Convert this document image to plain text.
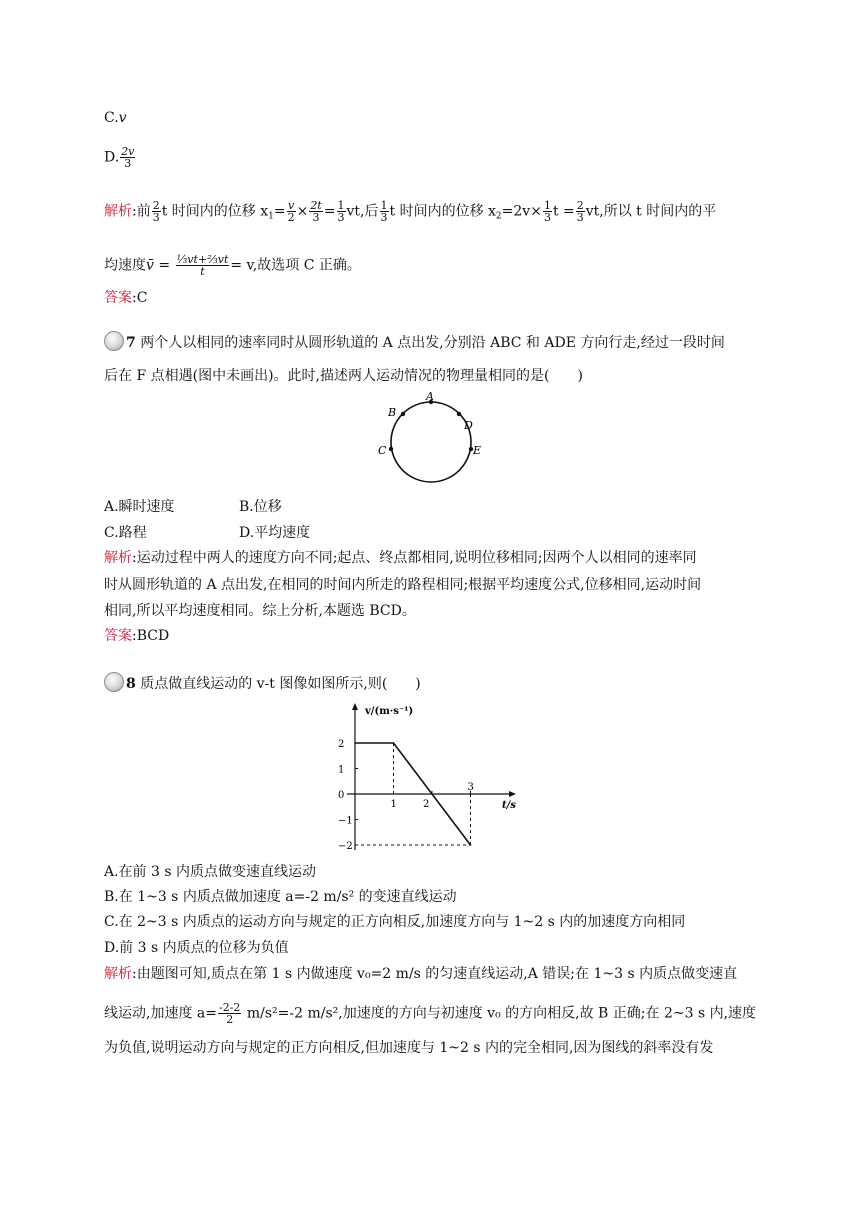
C.v
D. $\frac{2v}{3}$
解析:前 $\frac{2}{3}$ t 时间内的位移 $x_1= \frac{v}{2} \times \frac{2t}{3} = \frac{1}{3}$ vt,后 $\frac{1}{3}$ t 时间内的位移 $x_2=2v\times \frac{1}{3}$ $t = \frac{2}{3}$ vt,所以 t 时间内的平
均速度v̄ = $\frac{\text{⅓vt+⅔vt}}{t} = v$,故选项 C 正确。
答案:C
7 两个人以相同的速率同时从圆形轨道的 A 点出发,分别沿 ABC 和 ADE 方向行走,经过一段时间
后在 F 点相遇(图中未画出)。此时,描述两人运动情况的物理量相同的是(　　)
A
B
C
D
E
A.瞬时速度	B.位移
C.路程	D.平均速度
解析:运动过程中两人的速度方向不同;起点、终点都相同,说明位移相同;因两个人以相同的速率同
时从圆形轨道的 A 点出发,在相同的时间内所走的路程相同;根据平均速度公式,位移相同,运动时间
相同,所以平均速度相同。综上分析,本题选 BCD。
答案:BCD
8 质点做直线运动的 v-t 图像如图所示,则(　　)
v/(m·s⁻¹)
t/s
2
1
0
−1
−2
1	2
3
A.在前 3 s 内质点做变速直线运动
B.在 1~3 s 内质点做加速度 a=-2 m/s² 的变速直线运动
C.在 2~3 s 内质点的运动方向与规定的正方向相反,加速度方向与 1~2 s 内的加速度方向相同
D.前 3 s 内质点的位移为负值
解析:由题图可知,质点在第 1 s 内做速度 v₀=2 m/s 的匀速直线运动,A 错误;在 1~3 s 内质点做变速直
线运动,加速度 $a= \frac{-2-2}{2} m/s^2=-2$ m/s²,加速度的方向与初速度 v₀ 的方向相反,故 B 正确;在 2~3 s 内,速度
为负值,说明运动方向与规定的正方向相反,但加速度与 1~2 s 内的完全相同,因为图线的斜率没有发
